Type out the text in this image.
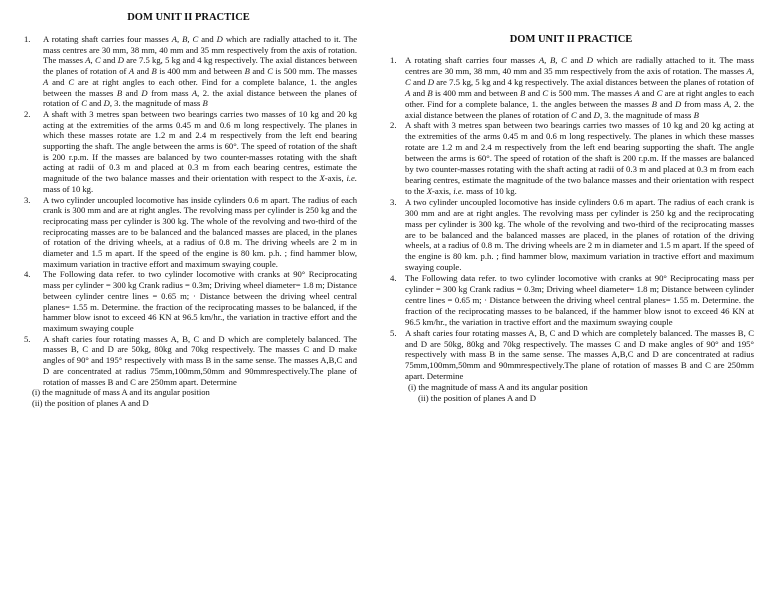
DOM UNIT II PRACTICE
1. A rotating shaft carries four masses A, B, C and D which are radially attached to it. The mass centres are 30 mm, 38 mm, 40 mm and 35 mm respectively from the axis of rotation. The masses A, C and D are 7.5 kg, 5 kg and 4 kg respectively. The axial distances between the planes of rotation of A and B is 400 mm and between B and C is 500 mm. The masses A and C are at right angles to each other. Find for a complete balance, 1. the angles between the masses B and D from mass A, 2. the axial distance between the planes of rotation of C and D, 3. the magnitude of mass B
2. A shaft with 3 metres span between two bearings carries two masses of 10 kg and 20 kg acting at the extremities of the arms 0.45 m and 0.6 m long respectively. The planes in which these masses rotate are 1.2 m and 2.4 m respectively from the left end bearing supporting the shaft. The angle between the arms is 60°. The speed of rotation of the shaft is 200 r.p.m. If the masses are balanced by two counter-masses rotating with the shaft acting at radii of 0.3 m and placed at 0.3 m from each bearing centres, estimate the magnitude of the two balance masses and their orientation with respect to the X-axis, i.e. mass of 10 kg.
3. A two cylinder uncoupled locomotive has inside cylinders 0.6 m apart. The radius of each crank is 300 mm and are at right angles. The revolving mass per cylinder is 250 kg and the reciprocating mass per cylinder is 300 kg. The whole of the revolving and two-third of the reciprocating masses are to be balanced and the balanced masses are placed, in the planes of rotation of the driving wheels, at a radius of 0.8 m. The driving wheels are 2 m in diameter and 1.5 m apart. If the speed of the engine is 80 km. p.h. ; find hammer blow, maximum variation in tractive effort and maximum swaying couple.
4. The Following data refer. to two cylinder locomotive with cranks at 90° Reciprocating mass per cylinder = 300 kg Crank radius = 0.3m; Driving wheel diameter= 1.8 m; Distance between cylinder centre lines = 0.65 m; · Distance between the driving wheel central planes= 1.55 m. Determine. the fraction of the reciprocating masses to be balanced, if the hammer blow isnot to exceed 46 KN at 96.5 km/hr., the variation in tractive effort and the maximum swaying couple
5. A shaft caries four rotating masses A, B, C and D which are completely balanced. The masses B, C and D are 50kg, 80kg and 70kg respectively. The masses C and D make angles of 90° and 195° respectively with mass B in the same sense. The masses A,B,C and D are concentrated at radius 75mm,100mm,50mm and 90mmrespectively.The plane of rotation of masses B and C are 250mm apart. Determine
(i) the magnitude of mass A and its angular position
(ii) the position of planes A and D
DOM UNIT II PRACTICE
1. A rotating shaft carries four masses A, B, C and D which are radially attached to it. The mass centres are 30 mm, 38 mm, 40 mm and 35 mm respectively from the axis of rotation. The masses A, C and D are 7.5 kg, 5 kg and 4 kg respectively. The axial distances between the planes of rotation of A and B is 400 mm and between B and C is 500 mm. The masses A and C are at right angles to each other. Find for a complete balance, 1. the angles between the masses B and D from mass A, 2. the axial distance between the planes of rotation of C and D, 3. the magnitude of mass B
2. A shaft with 3 metres span between two bearings carries two masses of 10 kg and 20 kg acting at the extremities of the arms 0.45 m and 0.6 m long respectively. The planes in which these masses rotate are 1.2 m and 2.4 m respectively from the left end bearing supporting the shaft. The angle between the arms is 60°. The speed of rotation of the shaft is 200 r.p.m. If the masses are balanced by two counter-masses rotating with the shaft acting at radii of 0.3 m and placed at 0.3 m from each bearing centres, estimate the magnitude of the two balance masses and their orientation with respect to the X-axis, i.e. mass of 10 kg.
3. A two cylinder uncoupled locomotive has inside cylinders 0.6 m apart. The radius of each crank is 300 mm and are at right angles. The revolving mass per cylinder is 250 kg and the reciprocating mass per cylinder is 300 kg. The whole of the revolving and two-third of the reciprocating masses are to be balanced and the balanced masses are placed, in the planes of rotation of the driving wheels, at a radius of 0.8 m. The driving wheels are 2 m in diameter and 1.5 m apart. If the speed of the engine is 80 km. p.h. ; find hammer blow, maximum variation in tractive effort and maximum swaying couple.
4. The Following data refer. to two cylinder locomotive with cranks at 90° Reciprocating mass per cylinder = 300 kg Crank radius = 0.3m; Driving wheel diameter= 1.8 m; Distance between cylinder centre lines = 0.65 m; · Distance between the driving wheel central planes= 1.55 m. Determine. the fraction of the reciprocating masses to be balanced, if the hammer blow isnot to exceed 46 KN at 96.5 km/hr., the variation in tractive effort and the maximum swaying couple
5. A shaft caries four rotating masses A, B, C and D which are completely balanced. The masses B, C and D are 50kg, 80kg and 70kg respectively. The masses C and D make angles of 90° and 195° respectively with mass B in the same sense. The masses A,B,C and D are concentrated at radius 75mm,100mm,50mm and 90mmrespectively.The plane of rotation of masses B and C are 250mm apart. Determine
(i) the magnitude of mass A and its angular position
(ii) the position of planes A and D
